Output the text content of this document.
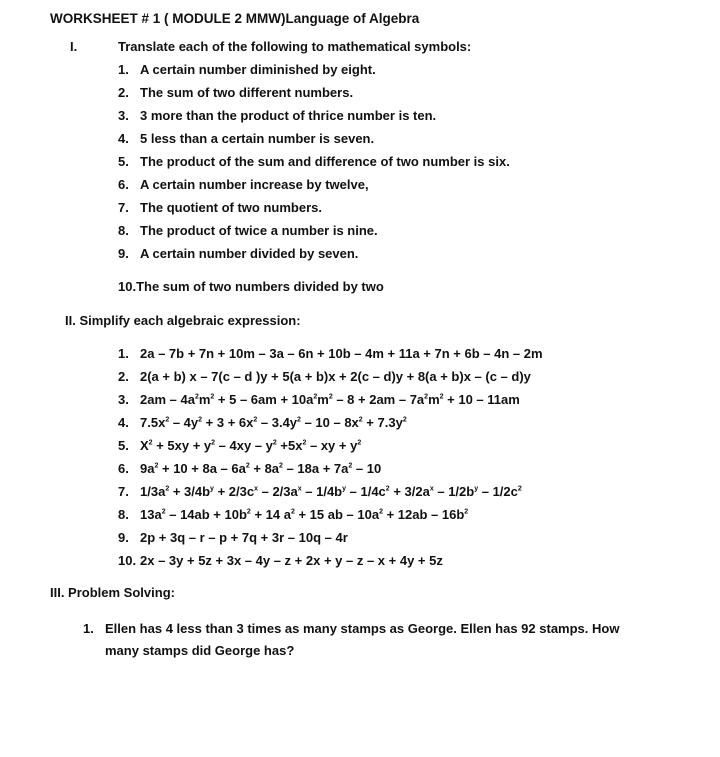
WORKSHEET # 1 ( MODULE 2 MMW)Language of Algebra
I.	Translate each of the following to mathematical symbols:
1. A certain number diminished by eight.
2. The sum of two different numbers.
3. 3 more than the product of thrice number is ten.
4. 5 less than a certain number is seven.
5. The product of the sum and difference of two number is six.
6. A certain number increase by twelve,
7. The quotient of two numbers.
8. The product of twice a number is nine.
9. A certain number divided by seven.
10.The sum of two numbers divided by two
II. Simplify each algebraic expression:
1. 2a – 7b + 7n + 10m – 3a – 6n + 10b – 4m + 11a + 7n + 6b – 4n – 2m
2. 2(a + b) x – 7(c – d )y + 5(a + b)x + 2(c – d)y + 8(a + b)x – (c – d)y
3. $2am - 4a^2m^2 + 5 - 6am + 10a^2m^2 - 8 + 2am - 7a^2m^2 + 10 - 11am$
4. $7.5x^2 - 4y^2 + 3 + 6x^2 - 3.4y^2 - 10 - 8x^2 + 7.3y^2$
5. $X^2 + 5xy + y^2 - 4xy - y^2 +5x^2$ – xy + $y^2$
6. $9a^2 + 10 + 8a - 6a^2 + 8a^2 - 18a + 7a^2 - 10$
7. $1/3a^2 + 3/4b^y + 2/3c^x - 2/3a^x - 1/4b^y - 1/4c^2 + 3/2a^x - 1/2b^y - 1/2c^2$
8. $13a^2 - 14ab + 10b^2 + 14$ $a^2 + 15$ ab – $10a^2 + 12ab - 16b^2$
9. 2p + 3q – r – p + 7q + 3r – 10q – 4r
10. 2x – 3y + 5z + 3x – 4y – z + 2x + y – z – x + 4y + 5z
III. Problem Solving:
1. Ellen has 4 less than 3 times as many stamps as George. Ellen has 92 stamps. How many stamps did George has?
